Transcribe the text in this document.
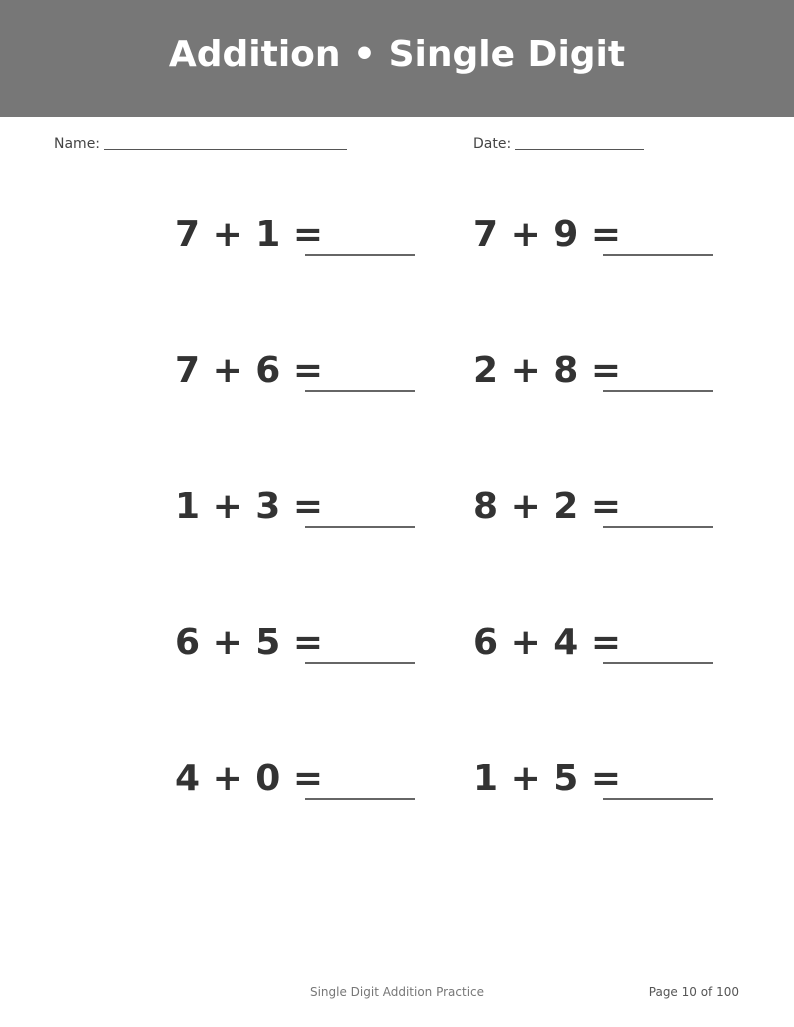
Addition • Single Digit
Name:	Date:
7 + 1 =	7 + 9 =
7 + 6 =	2 + 8 =
1 + 3 =	8 + 2 =
6 + 5 =	6 + 4 =
4 + 0 =	1 + 5 =
Single Digit Addition Practice	Page 10 of 100
